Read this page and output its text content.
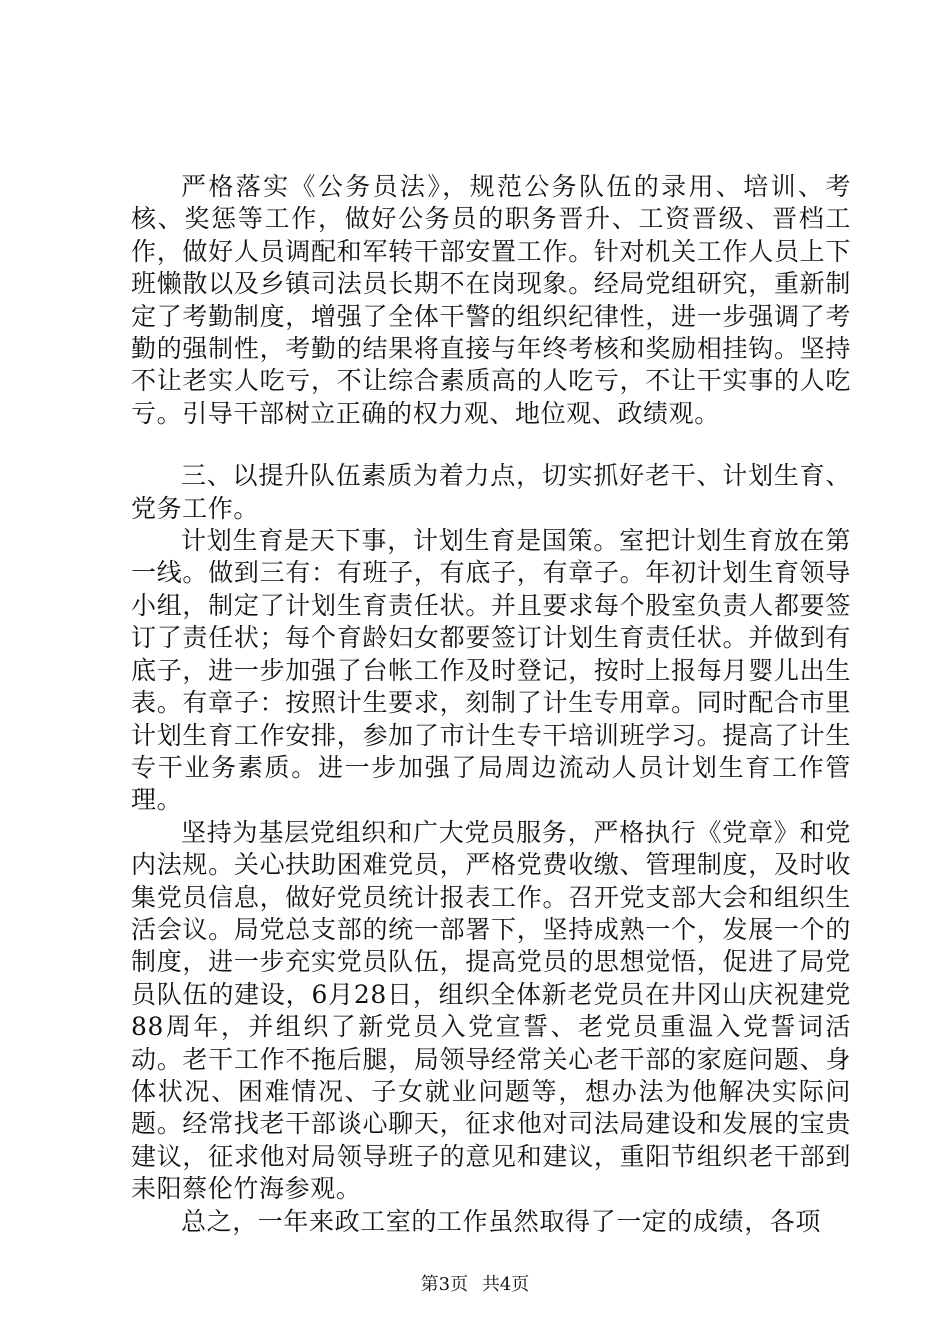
严格落实《公务员法》，规范公务队伍的录用、培训、考核、奖惩等工作，做好公务员的职务晋升、工资晋级、晋档工作，做好人员调配和军转干部安置工作。针对机关工作人员上下班懒散以及乡镇司法员长期不在岗现象。经局党组研究，重新制定了考勤制度，增强了全体干警的组织纪律性，进一步强调了考勤的强制性，考勤的结果将直接与年终考核和奖励相挂钩。坚持不让老实人吃亏，不让综合素质高的人吃亏，不让干实事的人吃亏。引导干部树立正确的权力观、地位观、政绩观。

三、以提升队伍素质为着力点，切实抓好老干、计划生育、党务工作。

计划生育是天下事，计划生育是国策。室把计划生育放在第一线。做到三有：有班子，有底子，有章子。年初计划生育领导小组，制定了计划生育责任状。并且要求每个股室负责人都要签订了责任状；每个育龄妇女都要签订计划生育责任状。并做到有底子，进一步加强了台帐工作及时登记，按时上报每月婴儿出生表。有章子：按照计生要求，刻制了计生专用章。同时配合市里计划生育工作安排，参加了市计生专干培训班学习。提高了计生专干业务素质。进一步加强了局周边流动人员计划生育工作管理。

坚持为基层党组织和广大党员服务，严格执行《党章》和党内法规。关心扶助困难党员，严格党费收缴、管理制度，及时收集党员信息，做好党员统计报表工作。召开党支部大会和组织生活会议。局党总支部的统一部署下，坚持成熟一个，发展一个的制度，进一步充实党员队伍，提高党员的思想觉悟，促进了局党员队伍的建设，6月28日，组织全体新老党员在井冈山庆祝建党88周年，并组织了新党员入党宣誓、老党员重温入党誓词活动。老干工作不拖后腿，局领导经常关心老干部的家庭问题、身体状况、困难情况、子女就业问题等，想办法为他解决实际问题。经常找老干部谈心聊天，征求他对司法局建设和发展的宝贵建议，征求他对局领导班子的意见和建议，重阳节组织老干部到耒阳蔡伦竹海参观。

总之，一年来政工室的工作虽然取得了一定的成绩，各项

第3页 共4页
